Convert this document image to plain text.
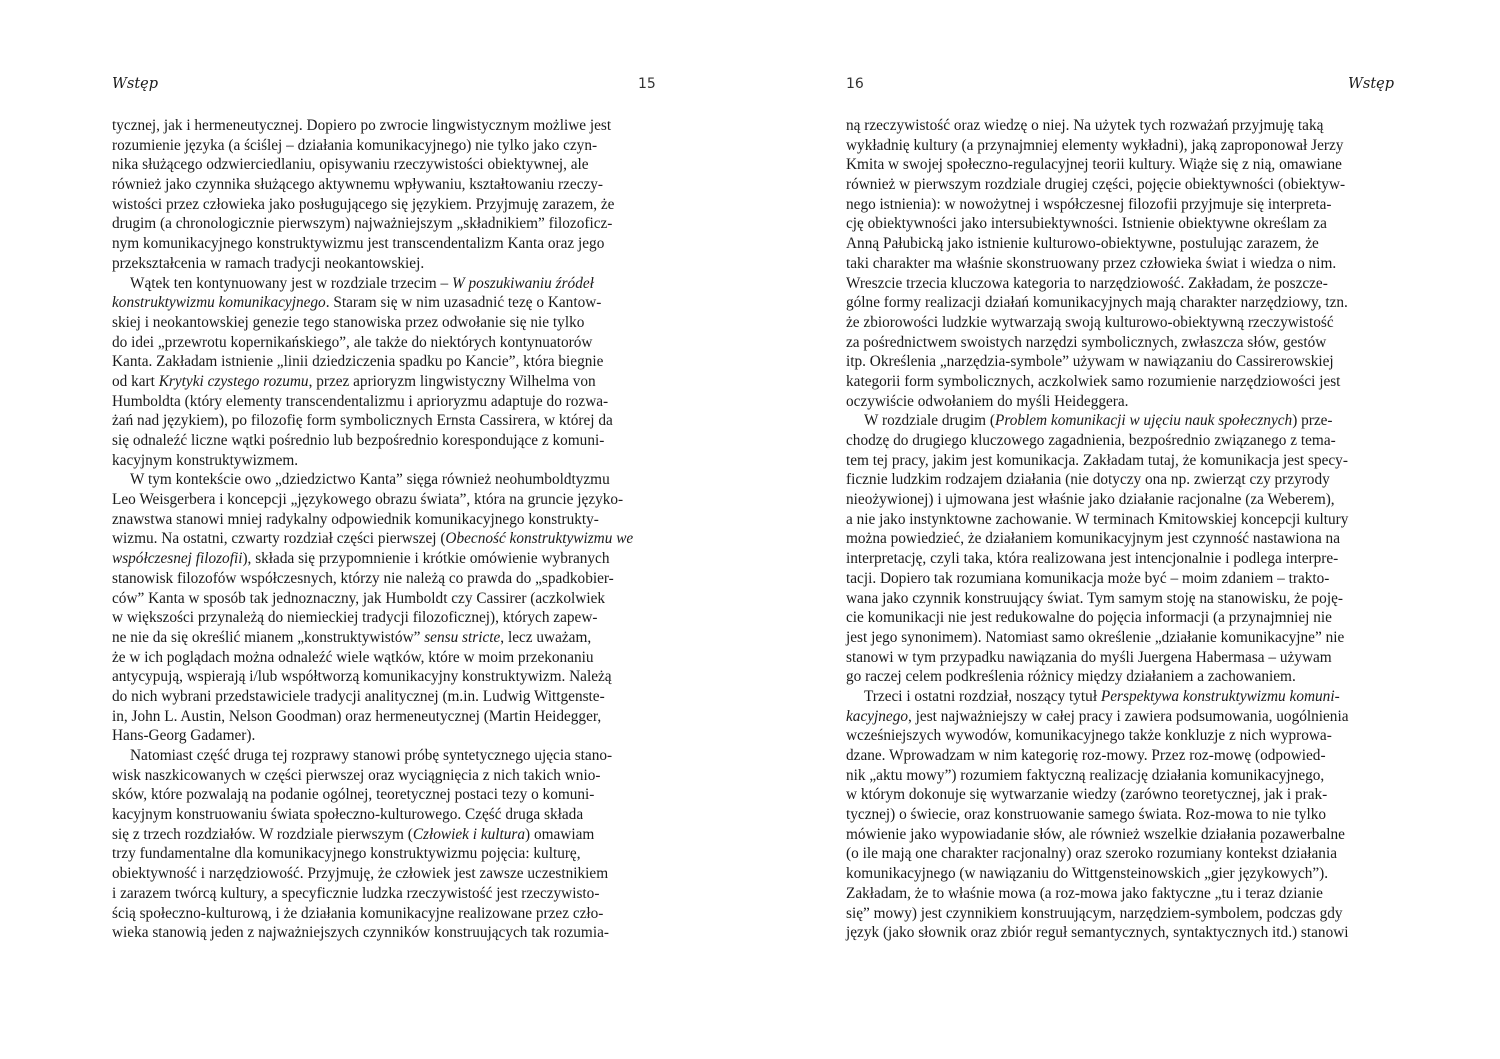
Wstęp	15
tycznej, jak i hermeneutycznej. Dopiero po zwrocie lingwistycznym możliwe jest
rozumienie języka (a ściślej – działania komunikacyjnego) nie tylko jako czyn-
nika służącego odzwierciedlaniu, opisywaniu rzeczywistości obiektywnej, ale
również jako czynnika służącego aktywnemu wpływaniu, kształtowaniu rzeczy-
wistości przez człowieka jako posługującego się językiem. Przyjmuję zarazem, że
drugim (a chronologicznie pierwszym) najważniejszym „składnikiem” filozoficz-
nym komunikacyjnego konstruktywizmu jest transcendentalizm Kanta oraz jego
przekształcenia w ramach tradycji neokantowskiej.
Wątek ten kontynuowany jest w rozdziale trzecim – W poszukiwaniu źródeł
konstruktywizmu komunikacyjnego. Staram się w nim uzasadnić tezę o Kantow-
skiej i neokantowskiej genezie tego stanowiska przez odwołanie się nie tylko
do idei „przewrotu kopernikańskiego”, ale także do niektórych kontynuatorów
Kanta. Zakładam istnienie „linii dziedziczenia spadku po Kancie”, która biegnie
od kart Krytyki czystego rozumu, przez aprioryzm lingwistyczny Wilhelma von
Humboldta (który elementy transcendentalizmu i aprioryzmu adaptuje do rozwa-
żań nad językiem), po filozofię form symbolicznych Ernsta Cassirera, w której da
się odnaleźć liczne wątki pośrednio lub bezpośrednio korespondujące z komuni-
kacyjnym konstruktywizmem.
W tym kontekście owo „dziedzictwo Kanta” sięga również neohumboldtyzmu
Leo Weisgerbera i koncepcji „językowego obrazu świata”, która na gruncie języko-
znawstwa stanowi mniej radykalny odpowiednik komunikacyjnego konstrukty-
wizmu. Na ostatni, czwarty rozdział części pierwszej (Obecność konstruktywizmu we
współczesnej filozofii), składa się przypomnienie i krótkie omówienie wybranych
stanowisk filozofów współczesnych, którzy nie należą co prawda do „spadkobier-
ców” Kanta w sposób tak jednoznaczny, jak Humboldt czy Cassirer (aczkolwiek
w większości przynależą do niemieckiej tradycji filozoficznej), których zapew-
ne nie da się określić mianem „konstruktywistów” sensu stricte, lecz uważam,
że w ich poglądach można odnaleźć wiele wątków, które w moim przekonaniu
antycypują, wspierają i/lub współtworzą komunikacyjny konstruktywizm. Należą
do nich wybrani przedstawiciele tradycji analitycznej (m.in. Ludwig Wittgenste-
in, John L. Austin, Nelson Goodman) oraz hermeneutycznej (Martin Heidegger,
Hans-Georg Gadamer).
Natomiast część druga tej rozprawy stanowi próbę syntetycznego ujęcia stano-
wisk naszkicowanych w części pierwszej oraz wyciągnięcia z nich takich wnio-
sków, które pozwalają na podanie ogólnej, teoretycznej postaci tezy o komuni-
kacyjnym konstruowaniu świata społeczno-kulturowego. Część druga składa
się z trzech rozdziałów. W rozdziale pierwszym (Człowiek i kultura) omawiam
trzy fundamentalne dla komunikacyjnego konstruktywizmu pojęcia: kulturę,
obiektywność i narzędziowość. Przyjmuję, że człowiek jest zawsze uczestnikiem
i zarazem twórcą kultury, a specyficznie ludzka rzeczywistość jest rzeczywisto-
ścią społeczno-kulturową, i że działania komunikacyjne realizowane przez czło-
wieka stanowią jeden z najważniejszych czynników konstruujących tak rozumia-
16	Wstęp
ną rzeczywistość oraz wiedzę o niej. Na użytek tych rozważań przyjmuję taką
wykładnię kultury (a przynajmniej elementy wykładni), jaką zaproponował Jerzy
Kmita w swojej społeczno-regulacyjnej teorii kultury. Wiąże się z nią, omawiane
również w pierwszym rozdziale drugiej części, pojęcie obiektywności (obiektyw-
nego istnienia): w nowożytnej i współczesnej filozofii przyjmuje się interpreta-
cję obiektywności jako intersubiektywności. Istnienie obiektywne określam za
Anną Pałubicką jako istnienie kulturowo-obiektywne, postulując zarazem, że
taki charakter ma właśnie skonstruowany przez człowieka świat i wiedza o nim.
Wreszcie trzecia kluczowa kategoria to narzędziowość. Zakładam, że poszcze-
gólne formy realizacji działań komunikacyjnych mają charakter narzędziowy, tzn.
że zbiorowości ludzkie wytwarzają swoją kulturowo-obiektywną rzeczywistość
za pośrednictwem swoistych narzędzi symbolicznych, zwłaszcza słów, gestów
itp. Określenia „narzędzia-symbole” używam w nawiązaniu do Cassirerowskiej
kategorii form symbolicznych, aczkolwiek samo rozumienie narzędziowości jest
oczywiście odwołaniem do myśli Heideggera.
W rozdziale drugim (Problem komunikacji w ujęciu nauk społecznych) prze-
chodzę do drugiego kluczowego zagadnienia, bezpośrednio związanego z tema-
tem tej pracy, jakim jest komunikacja. Zakładam tutaj, że komunikacja jest specy-
ficznie ludzkim rodzajem działania (nie dotyczy ona np. zwierząt czy przyrody
nieożywionej) i ujmowana jest właśnie jako działanie racjonalne (za Weberem),
a nie jako instynktowne zachowanie. W terminach Kmitowskiej koncepcji kultury
można powiedzieć, że działaniem komunikacyjnym jest czynność nastawiona na
interpretację, czyli taka, która realizowana jest intencjonalnie i podlega interpre-
tacji. Dopiero tak rozumiana komunikacja może być – moim zdaniem – trakto-
wana jako czynnik konstruujący świat. Tym samym stoję na stanowisku, że poję-
cie komunikacji nie jest redukowalne do pojęcia informacji (a przynajmniej nie
jest jego synonimem). Natomiast samo określenie „działanie komunikacyjne” nie
stanowi w tym przypadku nawiązania do myśli Juergena Habermasa – używam
go raczej celem podkreślenia różnicy między działaniem a zachowaniem.
Trzeci i ostatni rozdział, noszący tytuł Perspektywa konstruktywizmu komuni-
kacyjnego, jest najważniejszy w całej pracy i zawiera podsumowania, uogólnienia
wcześniejszych wywodów, komunikacyjnego także konkluzje z nich wyprowa-
dzane. Wprowadzam w nim kategorię roz-mowy. Przez roz-mowę (odpowied-
nik „aktu mowy”) rozumiem faktyczną realizację działania komunikacyjnego,
w którym dokonuje się wytwarzanie wiedzy (zarówno teoretycznej, jak i prak-
tycznej) o świecie, oraz konstruowanie samego świata. Roz-mowa to nie tylko
mówienie jako wypowiadanie słów, ale również wszelkie działania pozawerbalne
(o ile mają one charakter racjonalny) oraz szeroko rozumiany kontekst działania
komunikacyjnego (w nawiązaniu do Wittgensteinowskich „gier językowych”).
Zakładam, że to właśnie mowa (a roz-mowa jako faktyczne „tu i teraz dzianie
się” mowy) jest czynnikiem konstruującym, narzędziem-symbolem, podczas gdy
język (jako słownik oraz zbiór reguł semantycznych, syntaktycznych itd.) stanowi
